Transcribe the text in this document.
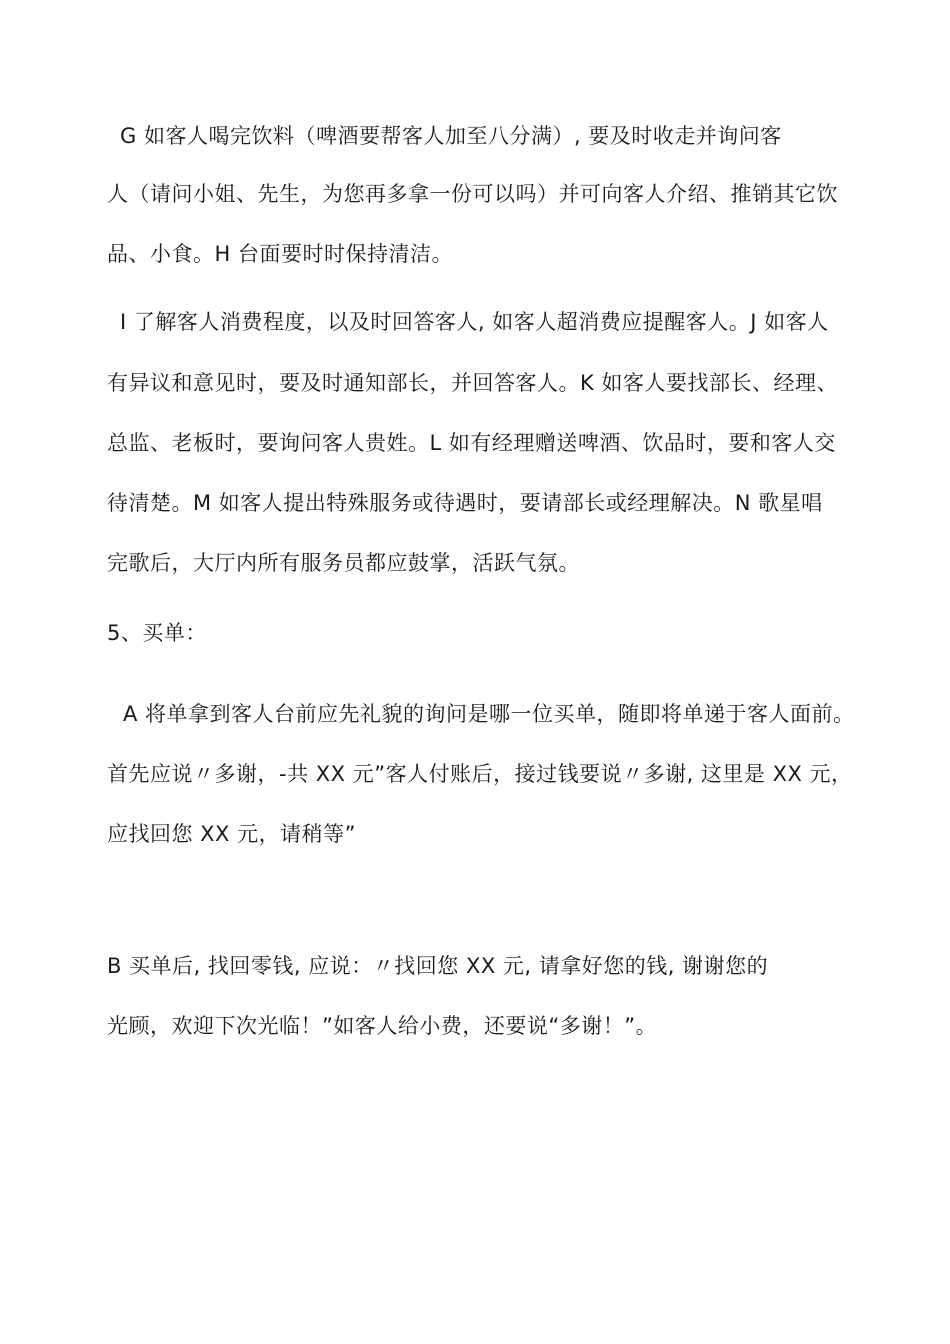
G 如客人喝完饮料（啤酒要帮客人加至八分满）, 要及时收走并询问客
人（请问小姐、先生，为您再多拿一份可以吗）并可向客人介绍、推销其它饮
品、小食。H 台面要时时保持清洁。
I 了解客人消费程度，以及时回答客人, 如客人超消费应提醒客人。J 如客人
有异议和意见时，要及时通知部长，并回答客人。K 如客人要找部长、经理、
总监、老板时，要询问客人贵姓。L 如有经理赠送啤酒、饮品时，要和客人交
待清楚。M 如客人提出特殊服务或待遇时，要请部长或经理解决。N 歌星唱
完歌后，大厅内所有服务员都应鼓掌，活跃气氛。
5、买单：
A 将单拿到客人台前应先礼貌的询问是哪一位买单，随即将单递于客人面前。
首先应说〃多谢，-共 XX 元”客人付账后，接过钱要说〃多谢, 这里是 XX 元，
应找回您 XX 元，请稍等”
B 买单后, 找回零钱, 应说：〃找回您 XX 元, 请拿好您的钱, 谢谢您的
光顾，欢迎下次光临！”如客人给小费，还要说“多谢！”。
